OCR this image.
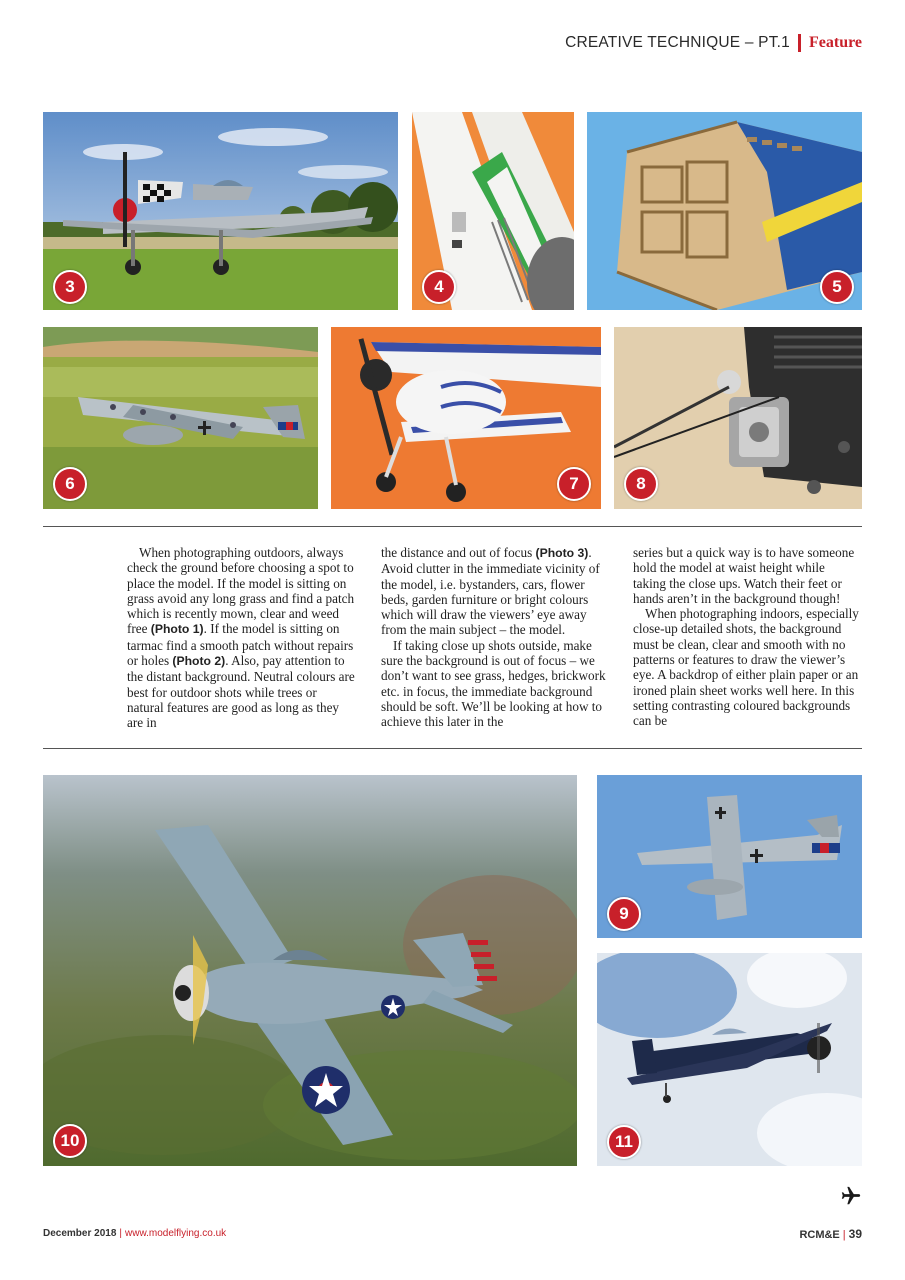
CREATIVE TECHNIQUE – PT.1 Feature
3	4	5
6	7	8

When photographing outdoors, always check the ground before choosing a spot to place the model. If the model is sitting on grass avoid any long grass and find a patch which is recently mown, clear and weed free (Photo 1). If the model is sitting on tarmac find a smooth patch without repairs or holes (Photo 2). Also, pay attention to the distant background. Neutral colours are best for outdoor shots while trees or natural features are good as long as they are in

the distance and out of focus (Photo 3). Avoid clutter in the immediate vicinity of the model, i.e. bystanders, cars, flower beds, garden furniture or bright colours which will draw the viewers’ eye away from the main subject – the model.

If taking close up shots outside, make sure the background is out of focus – we don’t want to see grass, hedges, brickwork etc. in focus, the immediate background should be soft. We’ll be looking at how to achieve this later in the

series but a quick way is to have someone hold the model at waist height while taking the close ups. Watch their feet or hands aren’t in the background though!

When photographing indoors, especially close-up detailed shots, the background must be clean, clear and smooth with no patterns or features to draw the viewer’s eye. A backdrop of either plain paper or an ironed plain sheet works well here. In this setting contrasting coloured backgrounds can be

10
9
11
December 2018 | www.modelflying.co.uk	RCM&E | 39
